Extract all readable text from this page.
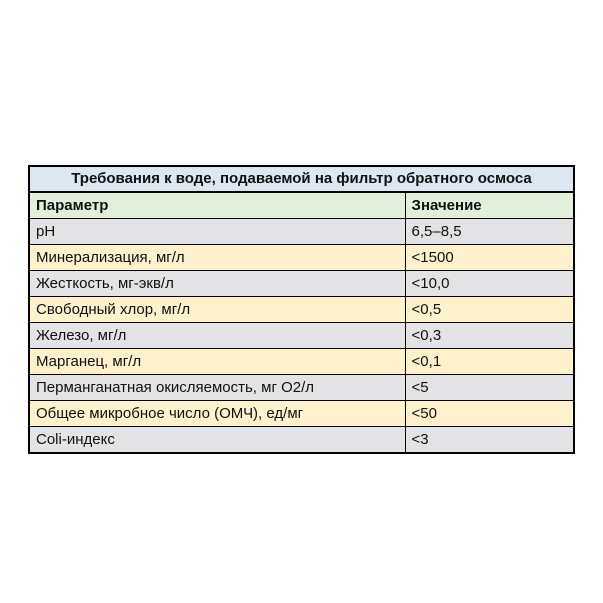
Требования к воде, подаваемой на фильтр обратного осмоса	
Параметр	Значение
pH	6,5–8,5
Минерализация, мг/л	<1500
Жесткость, мг-экв/л	<10,0
Свободный хлор, мг/л	<0,5
Железо, мг/л	<0,3
Марганец, мг/л	<0,1
Перманганатная окисляемость, мг О2/л	<5
Общее микробное число (ОМЧ), ед/мг	<50
Coli-индекс	<3
